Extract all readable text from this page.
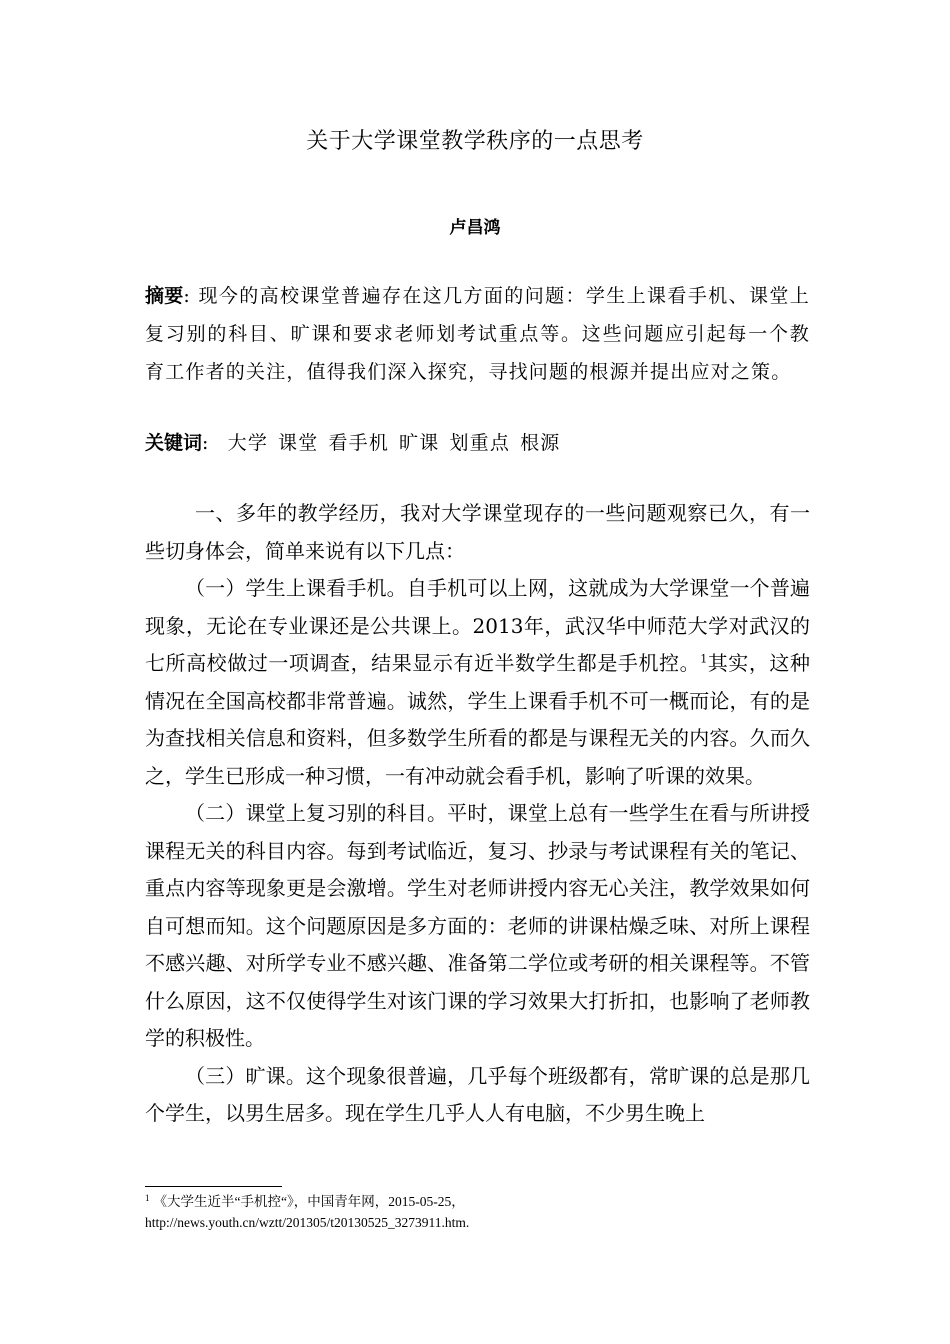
关于大学课堂教学秩序的一点思考
卢昌鸿
摘要: 现今的高校课堂普遍存在这几方面的问题：学生上课看手机、课堂上复习别的科目、旷课和要求老师划考试重点等。这些问题应引起每一个教育工作者的关注，值得我们深入探究，寻找问题的根源并提出应对之策。
关键词: 大学 课堂 看手机 旷课 划重点 根源

一、多年的教学经历，我对大学课堂现存的一些问题观察已久，有一些切身体会，简单来说有以下几点：

（一）学生上课看手机。自手机可以上网，这就成为大学课堂一个普遍现象，无论在专业课还是公共课上。2013年，武汉华中师范大学对武汉的七所高校做过一项调查，结果显示有近半数学生都是手机控。$^1$其实，这种情况在全国高校都非常普遍。诚然，学生上课看手机不可一概而论，有的是为查找相关信息和资料，但多数学生所看的都是与课程无关的内容。久而久之，学生已形成一种习惯，一有冲动就会看手机，影响了听课的效果。

（二）课堂上复习别的科目。平时，课堂上总有一些学生在看与所讲授课程无关的科目内容。每到考试临近，复习、抄录与考试课程有关的笔记、重点内容等现象更是会激增。学生对老师讲授内容无心关注，教学效果如何自可想而知。这个问题原因是多方面的：老师的讲课枯燥乏味、对所上课程不感兴趣、对所学专业不感兴趣、准备第二学位或考研的相关课程等。不管什么原因，这不仅使得学生对该门课的学习效果大打折扣，也影响了老师教学的积极性。

（三）旷课。这个现象很普遍，几乎每个班级都有，常旷课的总是那几个学生，以男生居多。现在学生几乎人人有电脑，不少男生晚上

$^1$ 《大学生近半“手机控“》，中国青年网，2015-05-25，
http://news.youth.cn/wztt/201305/t20130525_3273911.htm.
